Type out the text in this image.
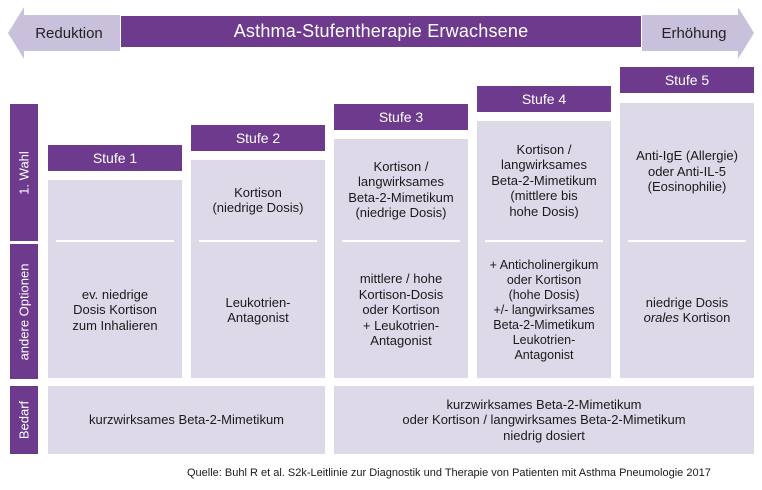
Reduktion	Asthma-Stufentherapie Erwachsene	Erhöhung
1. Wahl
andere Optionen
Bedarf
Stufe 1
ev. niedrige
Dosis Kortison
zum Inhalieren
Stufe 2
Kortison
(niedrige Dosis)
Leukotrien-
Antagonist
Stufe 3
Kortison /
langwirksames
Beta-2-Mimetikum
(niedrige Dosis)
mittlere / hohe
Kortison-Dosis
oder Kortison
+ Leukotrien-
Antagonist
Stufe 4
Kortison /
langwirksames
Beta-2-Mimetikum
(mittlere bis
hohe Dosis)
+ Anticholinergikum
oder Kortison
(hohe Dosis)
+/- langwirksames
Beta-2-Mimetikum
Leukotrien-
Antagonist
Stufe 5
Anti-IgE (Allergie)
oder Anti-IL-5
(Eosinophilie)
niedrige Dosis
orales Kortison
kurzwirksames Beta-2-Mimetikum
kurzwirksames Beta-2-Mimetikum
oder Kortison / langwirksames Beta-2-Mimetikum
niedrig dosiert
Quelle: Buhl R et al. S2k-Leitlinie zur Diagnostik und Therapie von Patienten mit Asthma Pneumologie 2017
